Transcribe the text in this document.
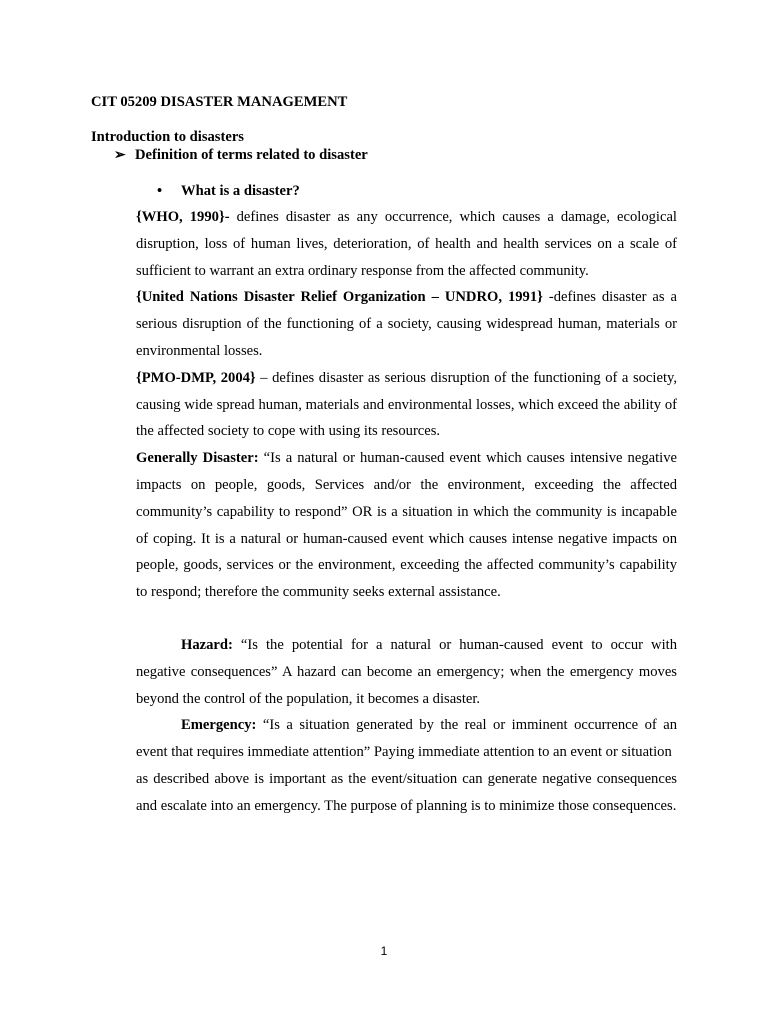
CIT 05209 DISASTER MANAGEMENT
Introduction to disasters
➢ Definition of terms related to disaster
• What is a disaster?

{WHO, 1990}- defines disaster as any occurrence, which causes a damage, ecological disruption, loss of human lives, deterioration, of health and health services on a scale of sufficient to warrant an extra ordinary response from the affected community.

{United Nations Disaster Relief Organization – UNDRO, 1991} -defines disaster as a serious disruption of the functioning of a society, causing widespread human, materials or environmental losses.

{PMO-DMP, 2004} – defines disaster as serious disruption of the functioning of a society, causing wide spread human, materials and environmental losses, which exceed the ability of the affected society to cope with using its resources.

Generally Disaster: “Is a natural or human-caused event which causes intensive negative impacts on people, goods, Services and/or the environment, exceeding the affected community’s capability to respond” OR is a situation in which the community is incapable of coping. It is a natural or human-caused event which causes intense negative impacts on people, goods, services or the environment, exceeding the affected community’s capability to respond; therefore the community seeks external assistance.

Hazard: “Is the potential for a natural or human-caused event to occur with negative consequences” A hazard can become an emergency; when the emergency moves beyond the control of the population, it becomes a disaster.

Emergency: “Is a situation generated by the real or imminent occurrence of an event that requires immediate attention” Paying immediate attention to an event or situation

as described above is important as the event/situation can generate negative consequences and escalate into an emergency. The purpose of planning is to minimize those consequences.

1
